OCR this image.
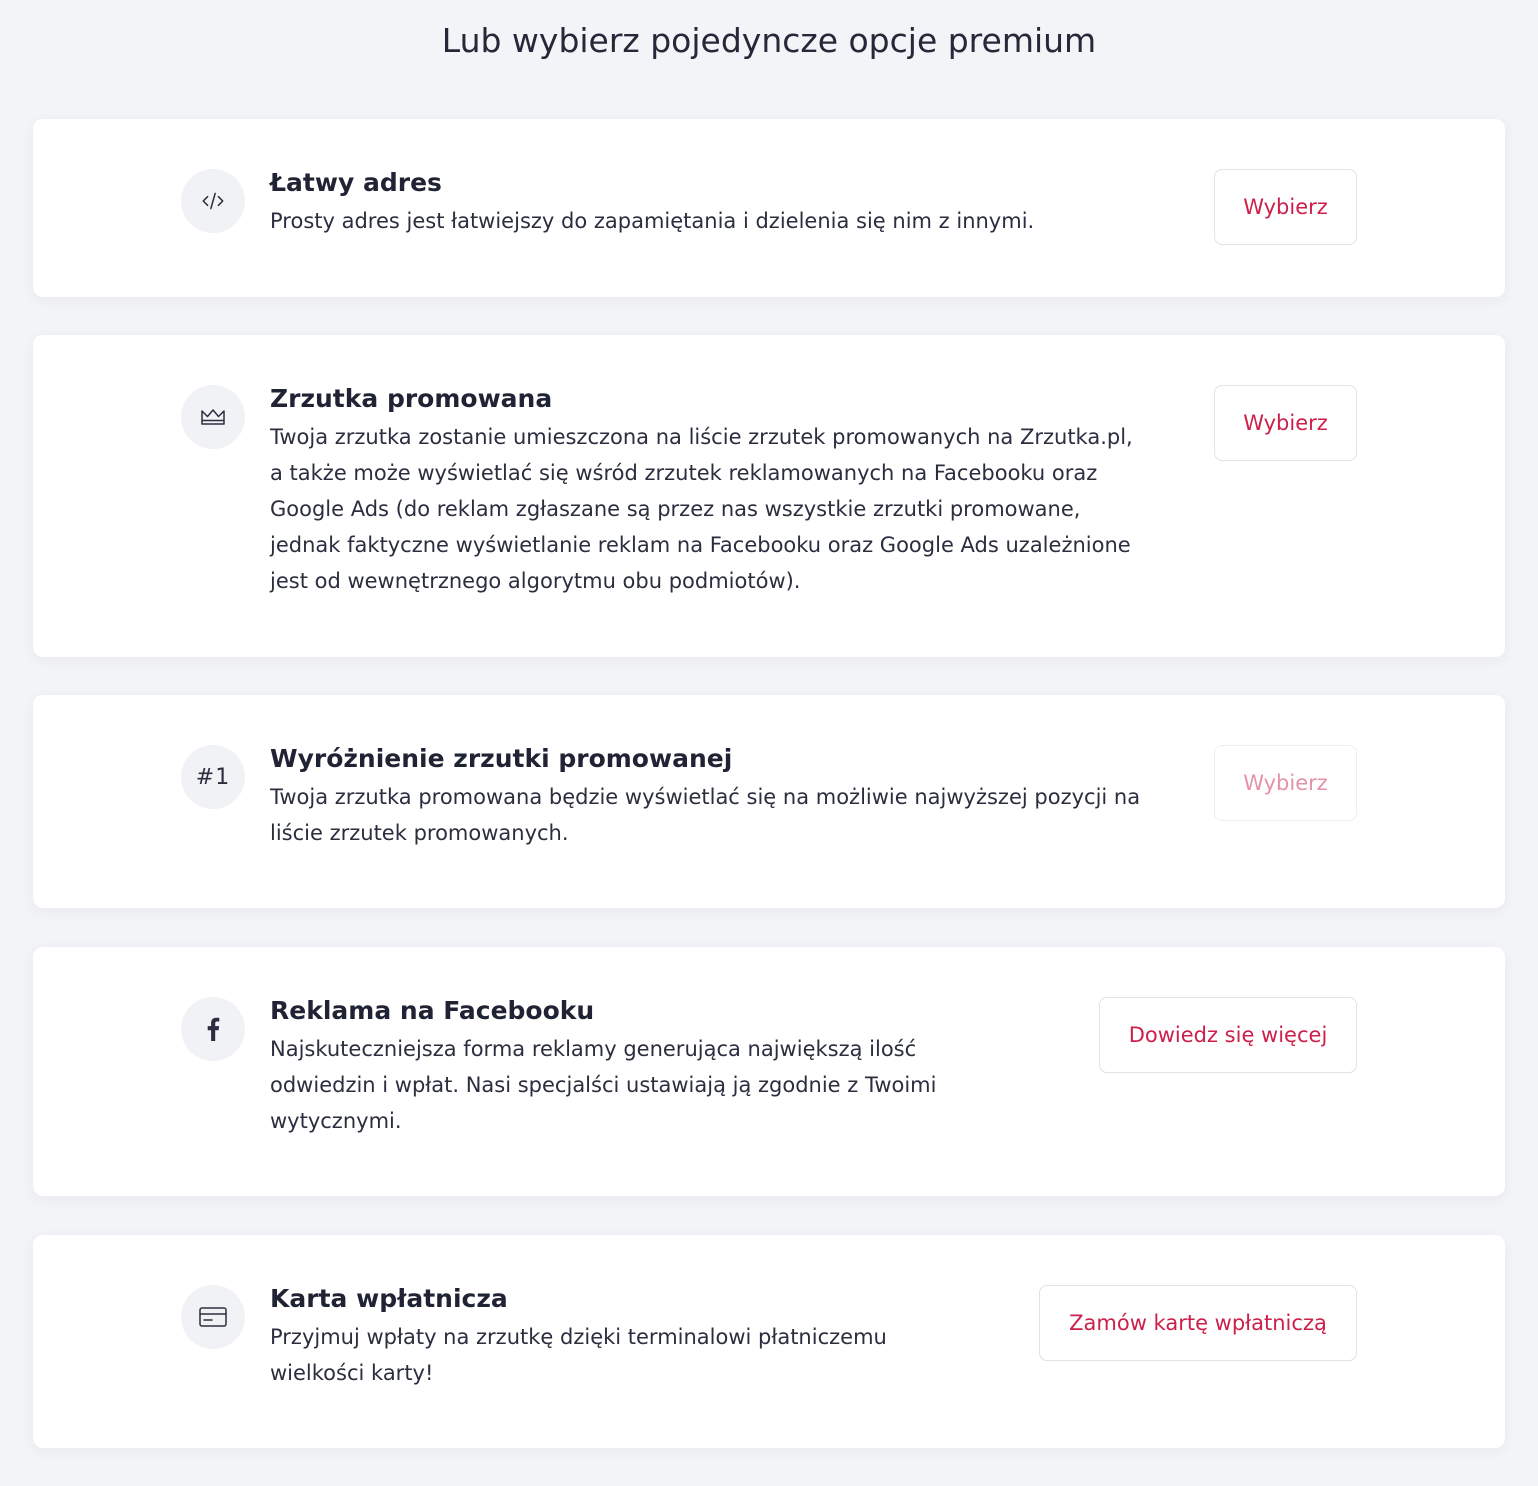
Lub wybierz pojedyncze opcje premium
Łatwy adres

Prosty adres jest łatwiejszy do zapamiętania i dzielenia się nim z innymi.

Wybierz
Zrzutka promowana

Twoja zrzutka zostanie umieszczona na liście zrzutek promowanych na Zrzutka.pl, a także może wyświetlać się wśród zrzutek reklamowanych na Facebooku oraz Google Ads (do reklam zgłaszane są przez nas wszystkie zrzutki promowane, jednak faktyczne wyświetlanie reklam na Facebooku oraz Google Ads uzależnione jest od wewnętrznego algorytmu obu podmiotów).

Wybierz
#1
Wyróżnienie zrzutki promowanej

Twoja zrzutka promowana będzie wyświetlać się na możliwie najwyższej pozycji na liście zrzutek promowanych.

Wybierz
Reklama na Facebooku

Najskuteczniejsza forma reklamy generująca największą ilość odwiedzin i wpłat. Nasi specjalści ustawiają ją zgodnie z Twoimi wytycznymi.

Dowiedz się więcej
Karta wpłatnicza

Przyjmuj wpłaty na zrzutkę dzięki terminalowi płatniczemu wielkości karty!

Zamów kartę wpłatniczą
